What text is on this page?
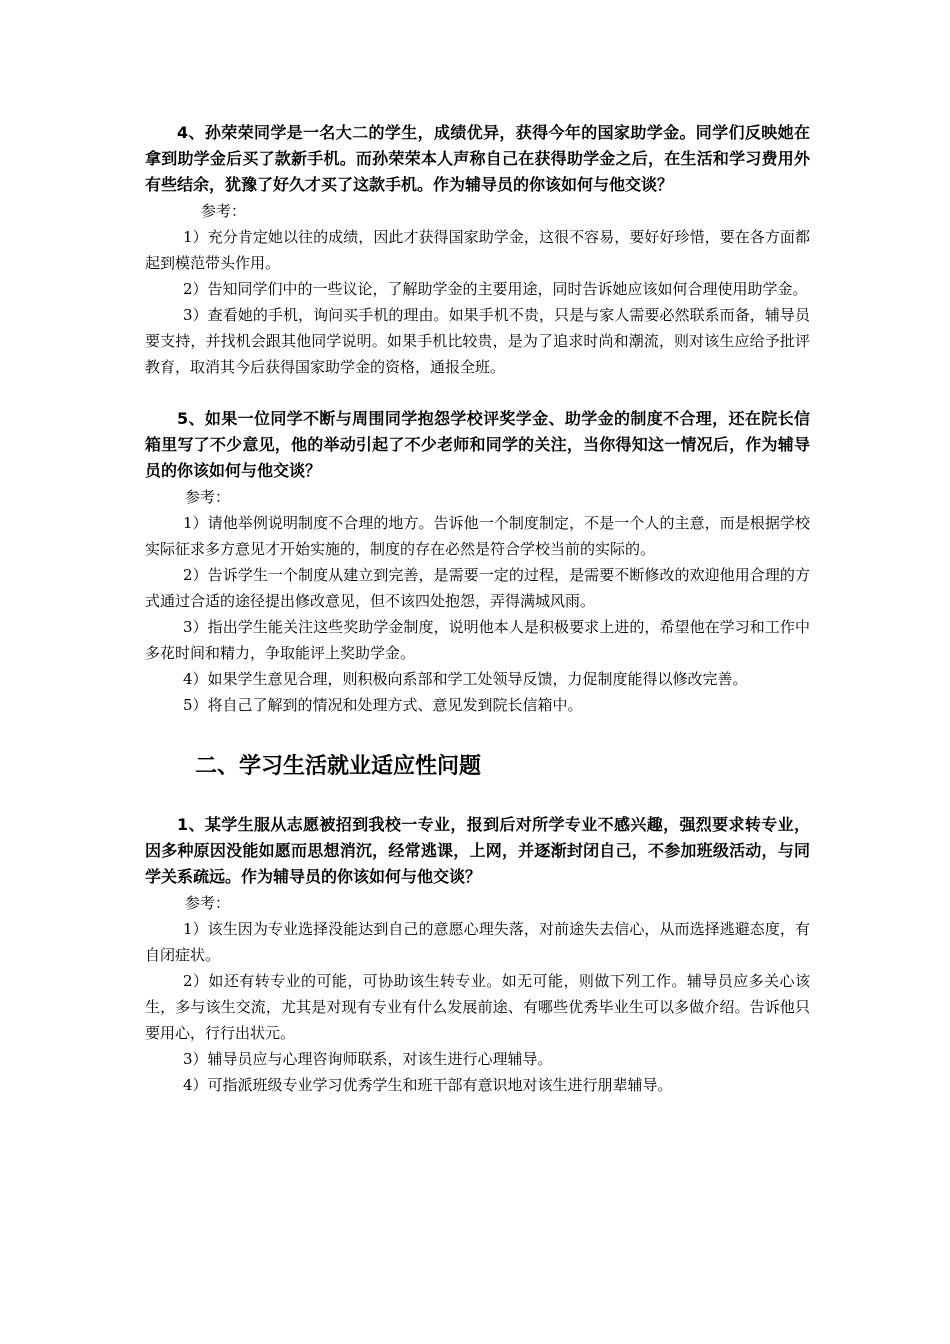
4、孙荣荣同学是一名大二的学生，成绩优异，获得今年的国家助学金。同学们反映她在拿到助学金后买了款新手机。而孙荣荣本人声称自己在获得助学金之后，在生活和学习费用外有些结余，犹豫了好久才买了这款手机。作为辅导员的你该如何与他交谈？

参考：

1）充分肯定她以往的成绩，因此才获得国家助学金，这很不容易，要好好珍惜，要在各方面都起到模范带头作用。

2）告知同学们中的一些议论，了解助学金的主要用途，同时告诉她应该如何合理使用助学金。

3）查看她的手机，询问买手机的理由。如果手机不贵，只是与家人需要必然联系而备，辅导员要支持，并找机会跟其他同学说明。如果手机比较贵，是为了追求时尚和潮流，则对该生应给予批评教育，取消其今后获得国家助学金的资格，通报全班。

5、如果一位同学不断与周围同学抱怨学校评奖学金、助学金的制度不合理，还在院长信箱里写了不少意见，他的举动引起了不少老师和同学的关注，当你得知这一情况后，作为辅导员的你该如何与他交谈？

参考：

1）请他举例说明制度不合理的地方。告诉他一个制度制定，不是一个人的主意，而是根据学校实际征求多方意见才开始实施的，制度的存在必然是符合学校当前的实际的。

2）告诉学生一个制度从建立到完善，是需要一定的过程，是需要不断修改的欢迎他用合理的方式通过合适的途径提出修改意见，但不该四处抱怨，弄得满城风雨。

3）指出学生能关注这些奖助学金制度，说明他本人是积极要求上进的，希望他在学习和工作中多花时间和精力，争取能评上奖助学金。

4）如果学生意见合理，则积极向系部和学工处领导反馈，力促制度能得以修改完善。

5）将自己了解到的情况和处理方式、意见发到院长信箱中。

二、学习生活就业适应性问题

1、某学生服从志愿被招到我校一专业，报到后对所学专业不感兴趣，强烈要求转专业，因多种原因没能如愿而思想消沉，经常逃课，上网，并逐渐封闭自己，不参加班级活动，与同学关系疏远。作为辅导员的你该如何与他交谈？

参考：

1）该生因为专业选择没能达到自己的意愿心理失落，对前途失去信心，从而选择逃避态度，有自闭症状。

2）如还有转专业的可能，可协助该生转专业。如无可能，则做下列工作。辅导员应多关心该生，多与该生交流，尤其是对现有专业有什么发展前途、有哪些优秀毕业生可以多做介绍。告诉他只要用心，行行出状元。

3）辅导员应与心理咨询师联系，对该生进行心理辅导。

4）可指派班级专业学习优秀学生和班干部有意识地对该生进行朋辈辅导。
